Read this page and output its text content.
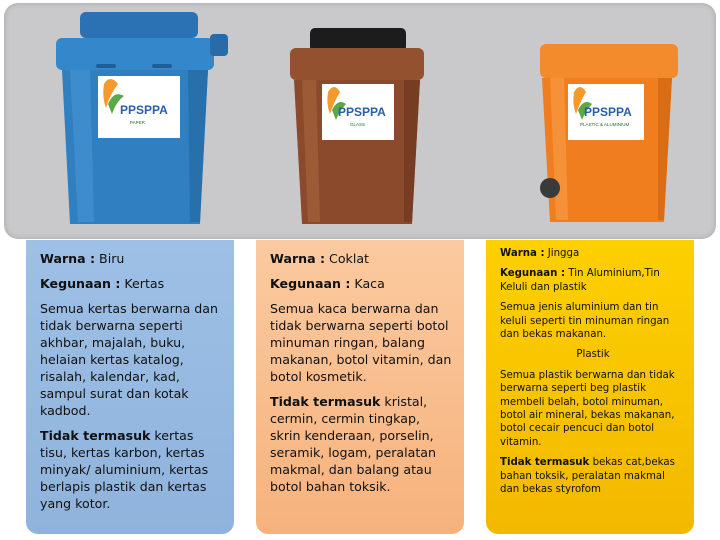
PPSPPA
PAPER
PPSPPA
GLASS
PPSPPA
PLASTIC & ALUMINIUM

Warna : Biru

Kegunaan : Kertas

Semua kertas berwarna dan tidak berwarna seperti akhbar, majalah, buku, helaian kertas katalog, risalah, kalendar, kad, sampul surat dan kotak kadbod.

Tidak termasuk kertas tisu, kertas karbon, kertas minyak/ aluminium, kertas berlapis plastik dan kertas yang kotor.

Warna : Coklat

Kegunaan : Kaca

Semua kaca berwarna dan tidak berwarna seperti botol minuman ringan, balang makanan, botol vitamin, dan botol kosmetik.

Tidak termasuk kristal, cermin, cermin tingkap, skrin kenderaan, porselin, seramik, logam, peralatan makmal, dan balang atau botol bahan toksik.

Warna : Jingga

Kegunaan : Tin Aluminium,Tin Keluli dan plastik

Semua jenis aluminium dan tin keluli seperti tin minuman ringan dan bekas makanan.

Plastik

Semua plastik berwarna dan tidak berwarna seperti beg plastik membeli belah, botol minuman, botol air mineral, bekas makanan, botol cecair pencuci dan botol vitamin.

Tidak termasuk bekas cat,bekas bahan toksik, peralatan makmal dan bekas styrofom
